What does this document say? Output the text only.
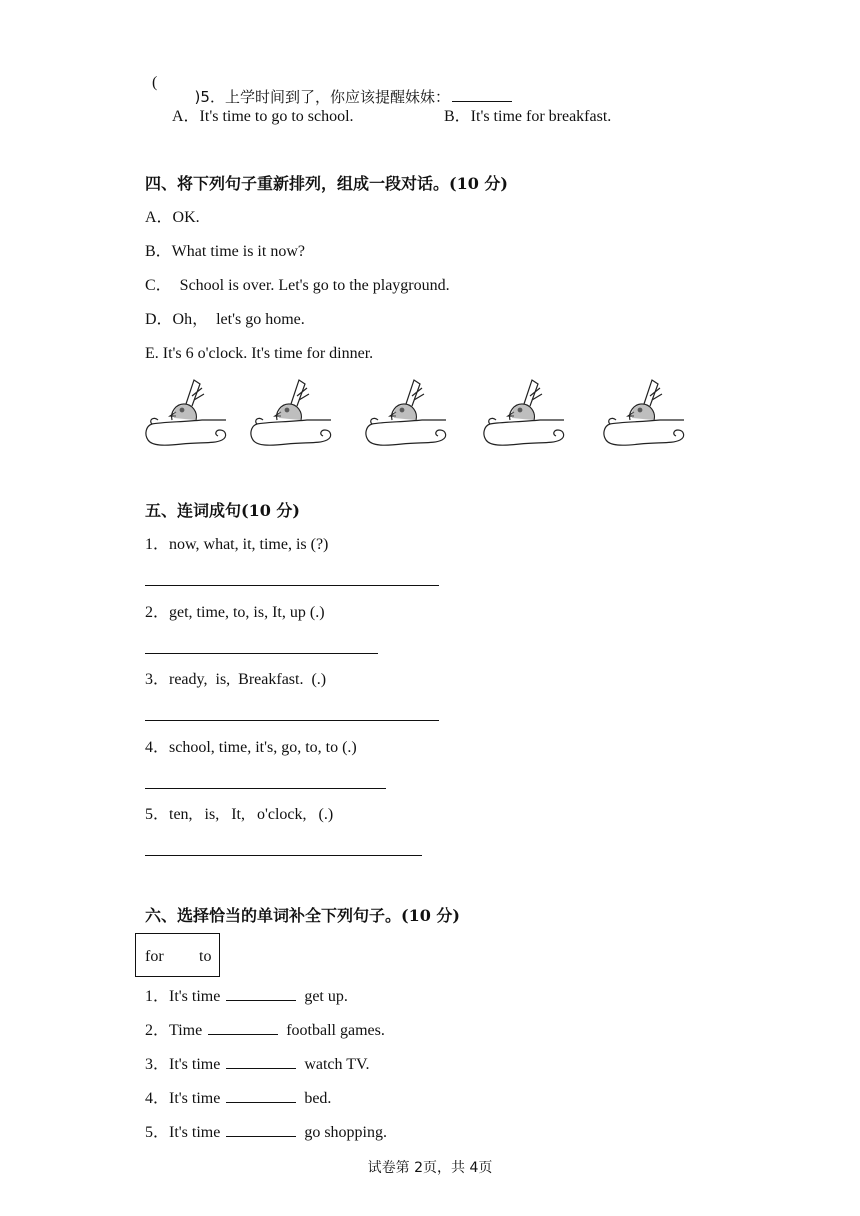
(

)5．上学时间到了，你应该提醒妹妹：

A．It's time to go to school.	B．It's time for breakfast.
四、将下列句子重新排列，组成一段对话。(10 分)
A．OK.
B．What time is it now?
C．  School is over. Let's go to the playground.
D．Oh，  let's go home.
E. It's 6 o'clock. It's time for dinner.
五、连词成句(10 分)
1．now, what, it, time, is (?)
2．get, time, to, is, It, up (.)
3．ready,  is,  Breakfast.  (.)
4．school, time, it's, go, to, to (.)
5．ten,   is,   It,   o'clock,   (.)
六、选择恰当的单词补全下列句子。(10 分)
for to
1．It's time	get up.
2．Time	football games.
3．It's time	watch TV.
4．It's time	bed.
5．It's time	go shopping.
试卷第 2页，共 4页
